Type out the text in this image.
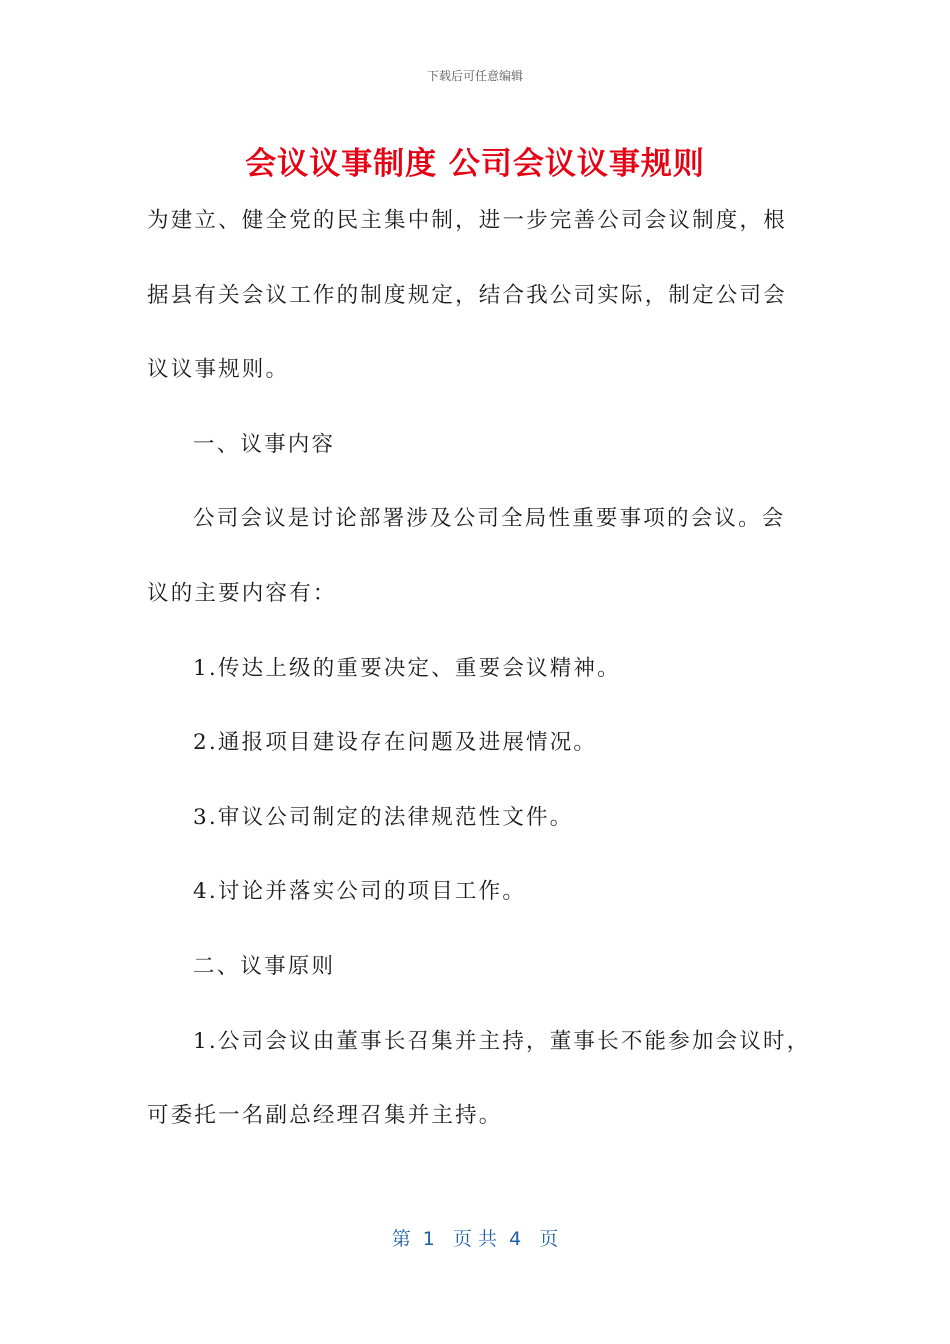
下载后可任意编辑
会议议事制度 公司会议议事规则
为建立、健全党的民主集中制，进一步完善公司会议制度，根
据县有关会议工作的制度规定，结合我公司实际，制定公司会
议议事规则。
一、议事内容
公司会议是讨论部署涉及公司全局性重要事项的会议。会
议的主要内容有：
1.传达上级的重要决定、重要会议精神。
2.通报项目建设存在问题及进展情况。
3.审议公司制定的法律规范性文件。
4.讨论并落实公司的项目工作。
二、议事原则
1.公司会议由董事长召集并主持，董事长不能参加会议时，
可委托一名副总经理召集并主持。
第  1   页 共  4   页
